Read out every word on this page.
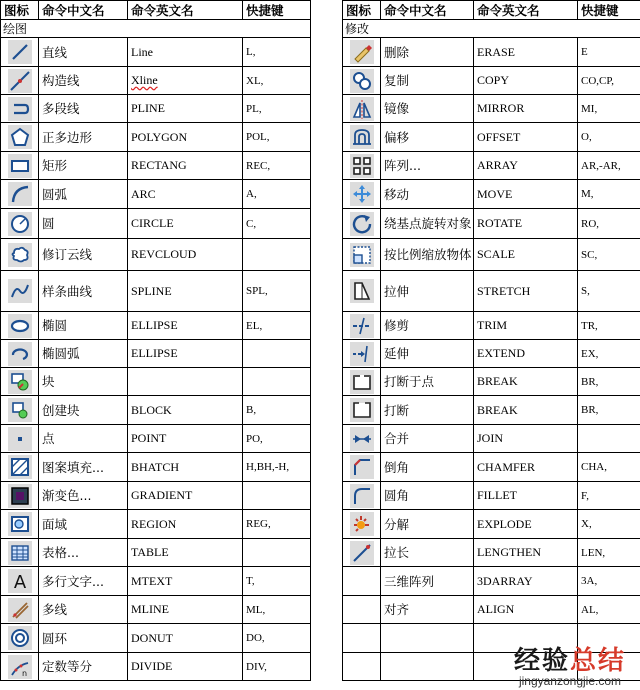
图标	命令中文名	命令英文名	快捷键
绘图			

	直线	Line	L,

	构造线	Xline	XL,

	多段线	PLINE	PL,

	正多边形	POLYGON	POL,

	矩形	RECTANG	REC,

	圆弧	ARC	A,

	圆	CIRCLE	C,

	修订云线	REVCLOUD	

	样条曲线	SPLINE	SPL,

	椭圆	ELLIPSE	EL,

	椭圆弧	ELLIPSE	

	块		

	创建块	BLOCK	B,

	点	POINT	PO,

	图案填充...	BHATCH	H,BH,-H,

	渐变色...	GRADIENT	

	面域	REGION	REG,

	表格...	TABLE	

A	多行文字...	MTEXT	T,

	多线	MLINE	ML,

	圆环	DONUT	DO,

n	定数等分	DIVIDE	DIV,
图标	命令中文名	命令英文名	快捷键
修改			

	删除	ERASE	E

	复制	COPY	CO,CP,

	镜像	MIRROR	MI,

	偏移	OFFSET	O,

	阵列...	ARRAY	AR,-AR,

	移动	MOVE	M,

	绕基点旋转对象	ROTATE	RO,

	按比例缩放物体	SCALE	SC,

	拉伸	STRETCH	S,

	修剪	TRIM	TR,

	延伸	EXTEND	EX,

	打断于点	BREAK	BR,

	打断	BREAK	BR,

	合并	JOIN	

	倒角	CHAMFER	CHA,

	圆角	FILLET	F,

	分解	EXPLODE	X,

	拉长	LENGTHEN	LEN,
	三维阵列	3DARRAY	3A,
	对齐	ALIGN	AL,

经验总结
jingyanzongjie.com
